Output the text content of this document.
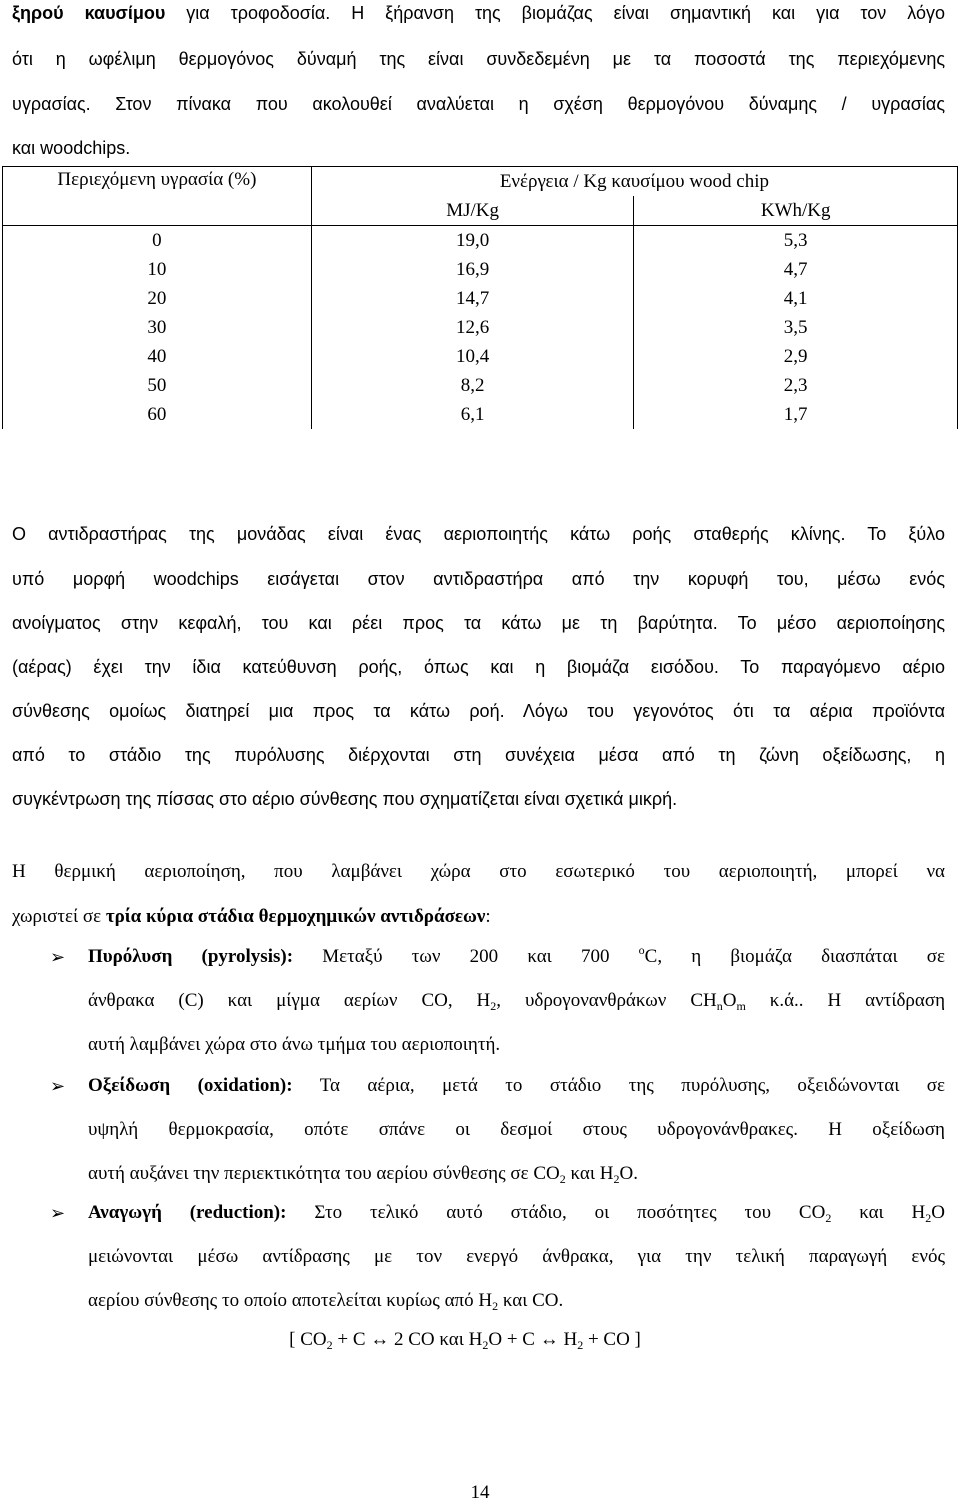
ξηρού καυσίμου για τροφοδοσία. Η ξήρανση της βιομάζας είναι σημαντική και για τον λόγο
ότι η ωφέλιμη θερμογόνος δύναμή της είναι συνδεδεμένη με τα ποσοστά της περιεχόμενης
υγρασίας. Στον πίνακα που ακολουθεί αναλύεται η σχέση θερμογόνου δύναμης / υγρασίας
και woodchips.
Περιεχόμενη υγρασία (%)	Ενέργεια / Kg καυσίμου wood chip	
	MJ/Kg	KWh/Kg
0	19,0	5,3
10	16,9	4,7
20	14,7	4,1
30	12,6	3,5
40	10,4	2,9
50	8,2	2,3
60	6,1	1,7
Ο αντιδραστήρας της μονάδας είναι ένας αεριοποιητής κάτω ροής σταθερής κλίνης. Το ξύλο
υπό μορφή woodchips εισάγεται στον αντιδραστήρα από την κορυφή του, μέσω ενός
ανοίγματος στην κεφαλή, του και ρέει προς τα κάτω με τη βαρύτητα. Το μέσο αεριοποίησης
(αέρας) έχει την ίδια κατεύθυνση ροής, όπως και η βιομάζα εισόδου. Το παραγόμενο αέριο
σύνθεσης ομοίως διατηρεί μια προς τα κάτω ροή. Λόγω του γεγονότος ότι τα αέρια προϊόντα
από το στάδιο της πυρόλυσης διέρχονται στη συνέχεια μέσα από τη ζώνη οξείδωσης, η
συγκέντρωση της πίσσας στο αέριο σύνθεσης που σχηματίζεται είναι σχετικά μικρή.
Η θερμική αεριοποίηση, που λαμβάνει χώρα στο εσωτερικό του αεριοποιητή, μπορεί να
χωριστεί σε τρία κύρια στάδια θερμοχημικών αντιδράσεων:
➢ Πυρόλυση (pyrolysis): Μεταξύ των 200 και 700 $^o$C, η βιομάζα διασπάται σε
άνθρακα (C) και μίγμα αερίων CO, $H_2$, υδρογονανθράκων $CH_nO_m$ κ.ά.. Η αντίδραση
αυτή λαμβάνει χώρα στο άνω τμήμα του αεριοποιητή.
➢ Οξείδωση (oxidation): Τα αέρια, μετά το στάδιο της πυρόλυσης, οξειδώνονται σε
υψηλή θερμοκρασία, οπότε σπάνε οι δεσμοί στους υδρογονάνθρακες. Η οξείδωση
αυτή αυξάνει την περιεκτικότητα του αερίου σύνθεσης σε $CO_2$ και $H_2O$.
➢ Αναγωγή (reduction): Στο τελικό αυτό στάδιο, οι ποσότητες του $CO_2$ και $H_2O$
μειώνονται μέσω αντίδρασης με τον ενεργό άνθρακα, για την τελική παραγωγή ενός
αερίου σύνθεσης το οποίο αποτελείται κυρίως από $H_2$ και CO.
[ $CO_2 + C$ ↔ 2 CO και $H_2O + C$ ↔ $H_2$ + CO ]
14
